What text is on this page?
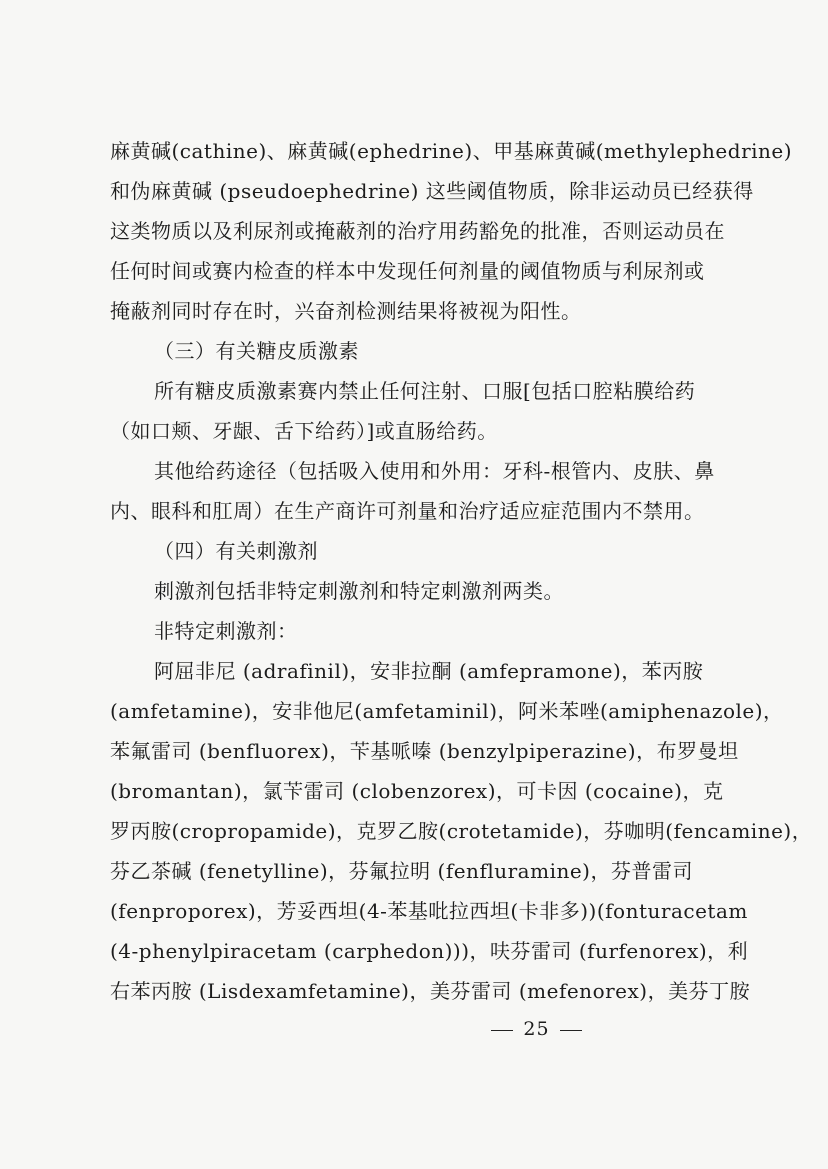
麻黄碱(cathine)、麻黄碱(ephedrine)、甲基麻黄碱(methylephedrine)
和伪麻黄碱 (pseudoephedrine) 这些阈值物质，除非运动员已经获得
这类物质以及利尿剂或掩蔽剂的治疗用药豁免的批准，否则运动员在
任何时间或赛内检查的样本中发现任何剂量的阈值物质与利尿剂或
掩蔽剂同时存在时，兴奋剂检测结果将被视为阳性。
（三）有关糖皮质激素
所有糖皮质激素赛内禁止任何注射、口服[包括口腔粘膜给药
（如口颊、牙龈、舌下给药）]或直肠给药。
其他给药途径（包括吸入使用和外用：牙科-根管内、皮肤、鼻
内、眼科和肛周）在生产商许可剂量和治疗适应症范围内不禁用。
（四）有关刺激剂
刺激剂包括非特定刺激剂和特定刺激剂两类。
非特定刺激剂：
阿屈非尼 (adrafinil)，安非拉酮 (amfepramone)，苯丙胺
(amfetamine)，安非他尼(amfetaminil)，阿米苯唑(amiphenazole)，
苯氟雷司 (benfluorex)，苄基哌嗪 (benzylpiperazine)，布罗曼坦
(bromantan)，氯苄雷司 (clobenzorex)，可卡因 (cocaine)，克
罗丙胺(cropropamide)，克罗乙胺(crotetamide)，芬咖明(fencamine)，
芬乙茶碱 (fenetylline)，芬氟拉明 (fenfluramine)，芬普雷司
(fenproporex)，芳妥西坦(4-苯基吡拉西坦(卡非多))(fonturacetam
(4-phenylpiracetam (carphedon)))，呋芬雷司 (furfenorex)，利
右苯丙胺 (Lisdexamfetamine)，美芬雷司 (mefenorex)，美芬丁胺
25
